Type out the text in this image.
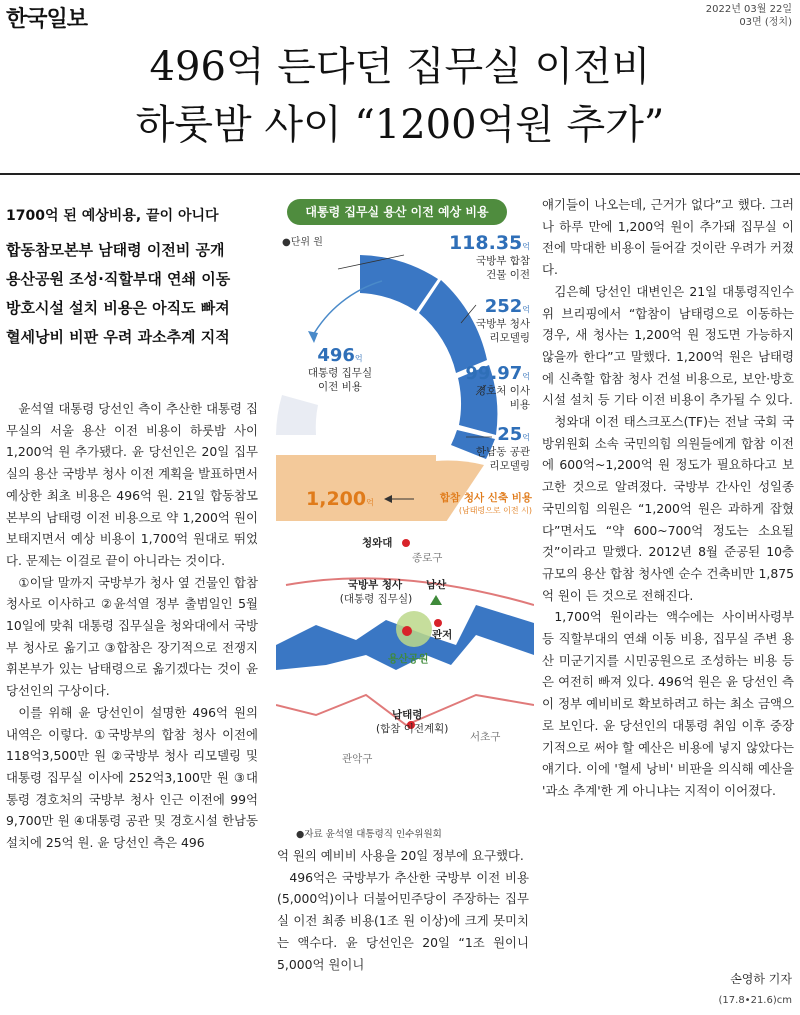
한국일보	2022년 03월 22일
03면 (정치)
496억 든다던 집무실 이전비
하룻밤 사이 “1200억원 추가”
1700억 된 예상비용, 끝이 아니다
합동참모본부 남태령 이전비 공개
용산공원 조성·직할부대 연쇄 이동
방호시설 설치 비용은 아직도 빠져
혈세낭비 비판 우려 과소추계 지적

윤석열 대통령 당선인 측이 추산한 대통령 집무실의 서울 용산 이전 비용이 하룻밤 사이 1,200억 원 추가됐다. 윤 당선인은 20일 집무실의 용산 국방부 청사 이전 계획을 발표하면서 예상한 최초 비용은 496억 원. 21일 합동참모본부의 남태령 이전 비용으로 약 1,200억 원이 보태지면서 예상 비용이 1,700억 원대로 뛰었다. 문제는 이걸로 끝이 아니라는 것이다.

①이달 말까지 국방부가 청사 옆 건물인 합참 청사로 이사하고 ②윤석열 정부 출범일인 5월 10일에 맞춰 대통령 집무실을 청와대에서 국방부 청사로 옮기고 ③합참은 장기적으로 전쟁지휘본부가 있는 남태령으로 옮기겠다는 것이 윤 당선인의 구상이다.

이를 위해 윤 당선인이 설명한 496억 원의 내역은 이렇다. ①국방부의 합참 청사 이전에 118억3,500만 원 ②국방부 청사 리모델링 및 대통령 집무실 이사에 252억3,100만 원 ③대통령 경호처의 국방부 청사 인근 이전에 99억9,700만 원 ④대통령 공관 및 경호시설 한남동 설치에 25억 원. 윤 당선인 측은 496

대통령 집무실 용산 이전 예상 비용
●단위 원
496억
대통령 집무실
이전 비용
118.35억
국방부 합참
건물 이전
252억
국방부 청사
리모델링
99.97억
경호처 이사
비용
25억
한남동 공관
리모델링
1,200억	합참 청사 신축 비용
(남태령으로 이전 시)
청와대
종로구
국방부 청사
(대통령 집무실)
남산
관저
용산공원
남태령
(합참 이전계획)
서초구
관악구
●자료 윤석열 대통령직 인수위원회

억 원의 예비비 사용을 20일 정부에 요구했다.

496억은 국방부가 추산한 국방부 이전 비용(5,000억)이나 더불어민주당이 주장하는 집무실 이전 최종 비용(1조 원 이상)에 크게 못미치는 액수다. 윤 당선인은 20일 “1조 원이니 5,000억 원이니

얘기들이 나오는데, 근거가 없다”고 했다. 그러나 하루 만에 1,200억 원이 추가돼 집무실 이전에 막대한 비용이 들어갈 것이란 우려가 커졌다.

김은혜 당선인 대변인은 21일 대통령직인수위 브리핑에서 “합참이 남태령으로 이동하는 경우, 새 청사는 1,200억 원 정도면 가능하지 않을까 한다”고 말했다. 1,200억 원은 남태령에 신축할 합참 청사 건설 비용으로, 보안·방호시설 설치 등 기타 이전 비용이 추가될 수 있다.

청와대 이전 태스크포스(TF)는 전날 국회 국방위원회 소속 국민의힘 의원들에게 합참 이전에 600억~1,200억 원 정도가 필요하다고 보고한 것으로 알려졌다. 국방부 간사인 성일종 국민의힘 의원은 “1,200억 원은 과하게 잡혔다”면서도 “약 600~700억 정도는 소요될 것”이라고 말했다. 2012년 8월 준공된 10층 규모의 용산 합참 청사엔 순수 건축비만 1,875억 원이 든 것으로 전해진다.

1,700억 원이라는 액수에는 사이버사령부 등 직할부대의 연쇄 이동 비용, 집무실 주변 용산 미군기지를 시민공원으로 조성하는 비용 등은 여전히 빠져 있다. 496억 원은 윤 당선인 측이 정부 예비비로 확보하려고 하는 최소 금액으로 보인다. 윤 당선인의 대통령 취임 이후 중장기적으로 써야 할 예산은 비용에 넣지 않았다는 얘기다. 이에 '혈세 낭비' 비판을 의식해 예산을 '과소 추계'한 게 아니냐는 지적이 이어졌다.

손영하 기자
(17.8•21.6)cm
